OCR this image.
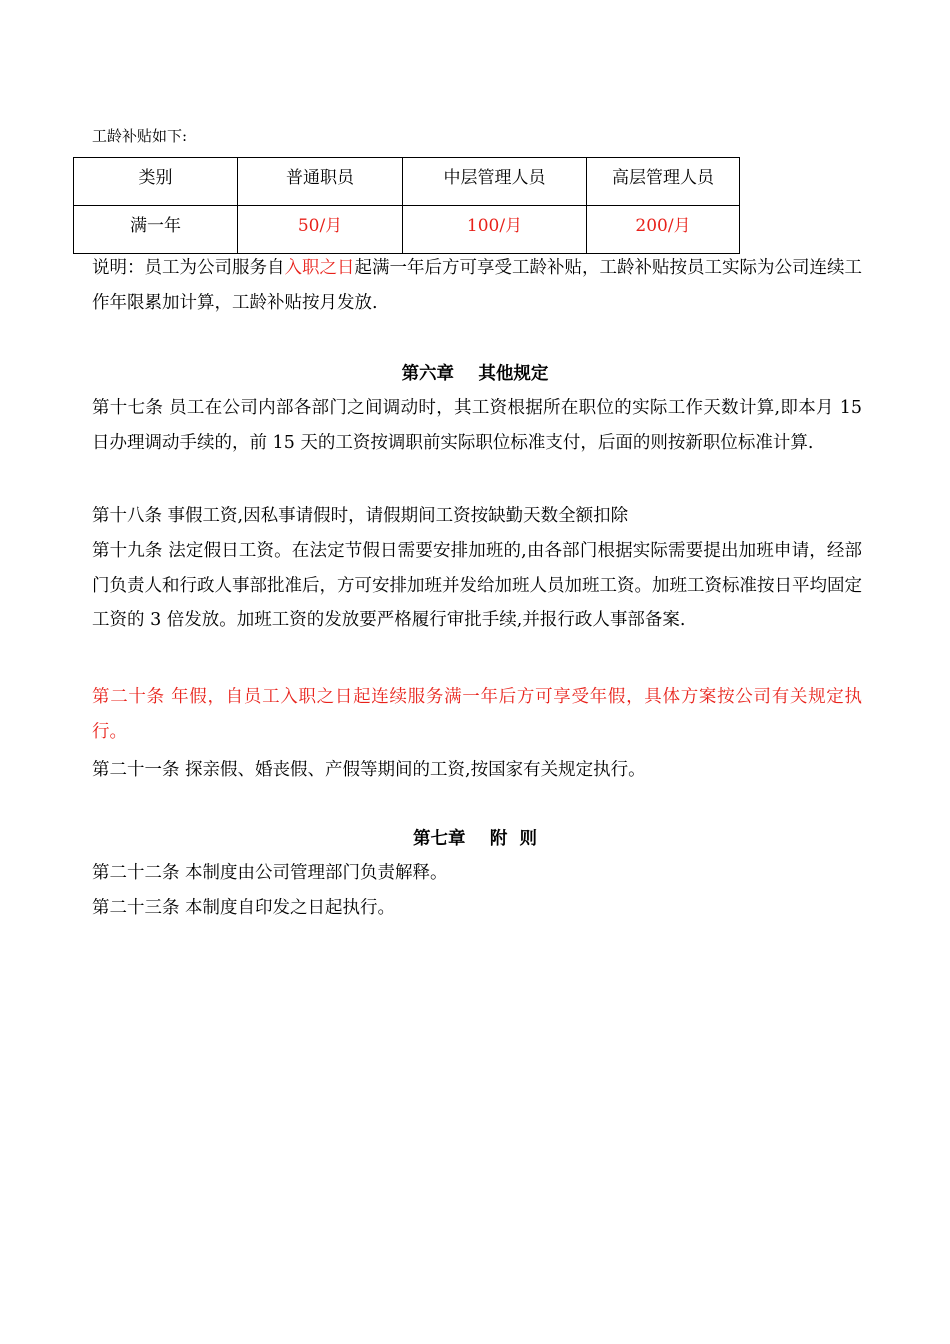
工龄补贴如下:
类别	普通职员	中层管理人员	高层管理人员
满一年	50/月	100/月	200/月

说明：员工为公司服务自入职之日起满一年后方可享受工龄补贴，工龄补贴按员工实际为公司连续工作年限累加计算，工龄补贴按月发放.

第六章    其他规定

第十七条 员工在公司内部各部门之间调动时，其工资根据所在职位的实际工作天数计算,即本月 15 日办理调动手续的，前 15 天的工资按调职前实际职位标准支付，后面的则按新职位标准计算.

第十八条 事假工资,因私事请假时，请假期间工资按缺勤天数全额扣除

第十九条 法定假日工资。在法定节假日需要安排加班的,由各部门根据实际需要提出加班申请，经部门负责人和行政人事部批准后，方可安排加班并发给加班人员加班工资。加班工资标准按日平均固定工资的 3 倍发放。加班工资的发放要严格履行审批手续,并报行政人事部备案.

第二十条 年假，自员工入职之日起连续服务满一年后方可享受年假，具体方案按公司有关规定执行。

第二十一条 探亲假、婚丧假、产假等期间的工资,按国家有关规定执行。

第七章    附  则

第二十二条 本制度由公司管理部门负责解释。

第二十三条 本制度自印发之日起执行。
